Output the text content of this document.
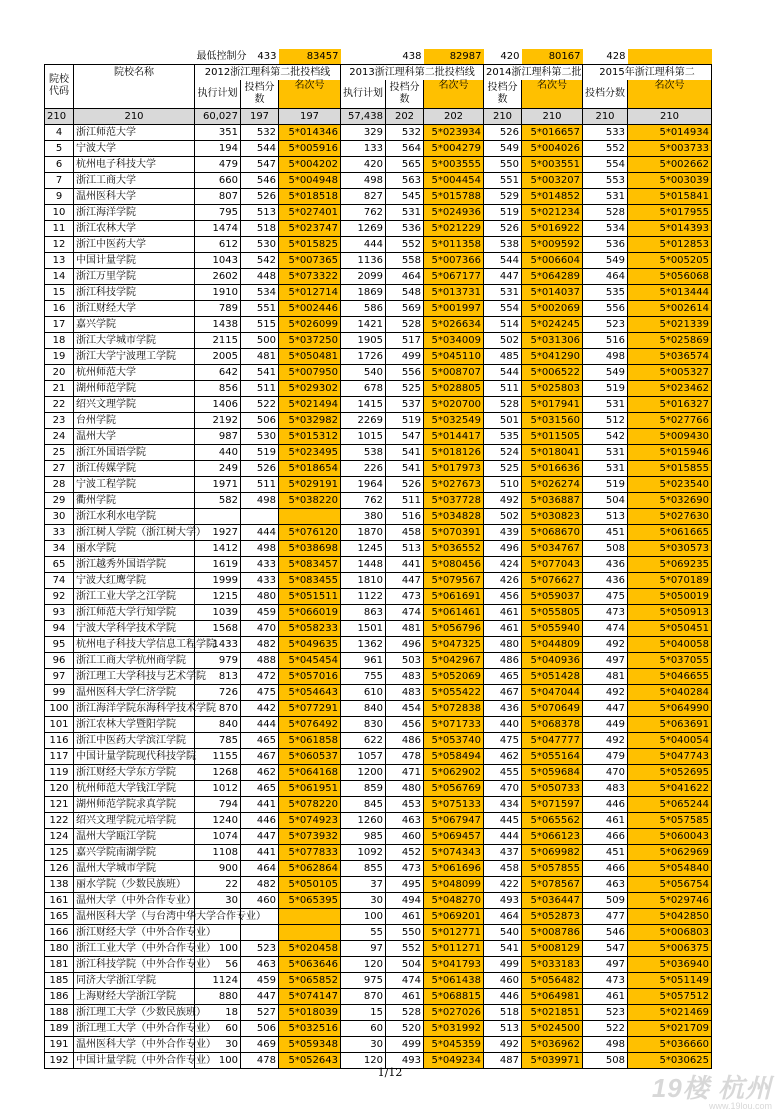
		最低控制分	433	83457		438	82987	420	80167	428	
院校代码	院校名称	2012浙江理科第二批投档线			2013浙江理科第二批投档线			2014浙江理科第二批		2015年浙江理科第二	
		执行计划	投档分数	名次号	执行计划	投档分数	名次号	投档分数	名次号	投档分数	名次号
210	210	60,027	197	197	57,438	202	202	210	210	210	210
4	浙江师范大学	351	532	5*014346	329	532	5*023934	526	5*016657	533	5*014934
5	宁波大学	194	544	5*005916	133	564	5*004279	549	5*004026	552	5*003733
6	杭州电子科技大学	479	547	5*004202	420	565	5*003555	550	5*003551	554	5*002662
7	浙江工商大学	660	546	5*004948	498	563	5*004454	551	5*003207	553	5*003039
9	温州医科大学	807	526	5*018518	827	545	5*015788	529	5*014852	531	5*015841
10	浙江海洋学院	795	513	5*027401	762	531	5*024936	519	5*021234	528	5*017955
11	浙江农林大学	1474	518	5*023747	1269	536	5*021229	526	5*016922	534	5*014393
12	浙江中医药大学	612	530	5*015825	444	552	5*011358	538	5*009592	536	5*012853
13	中国计量学院	1043	542	5*007365	1136	558	5*007366	544	5*006604	549	5*005205
14	浙江万里学院	2602	448	5*073322	2099	464	5*067177	447	5*064289	464	5*056068
15	浙江科技学院	1910	534	5*012714	1869	548	5*013731	531	5*014037	535	5*013444
16	浙江财经大学	789	551	5*002446	586	569	5*001997	554	5*002069	556	5*002614
17	嘉兴学院	1438	515	5*026099	1421	528	5*026634	514	5*024245	523	5*021339
18	浙江大学城市学院	2115	500	5*037250	1905	517	5*034009	502	5*031306	516	5*025869
19	浙江大学宁波理工学院	2005	481	5*050481	1726	499	5*045110	485	5*041290	498	5*036574
20	杭州师范大学	642	541	5*007950	540	556	5*008707	544	5*006522	549	5*005327
21	湖州师范学院	856	511	5*029302	678	525	5*028805	511	5*025803	519	5*023462
22	绍兴文理学院	1406	522	5*021494	1415	537	5*020700	528	5*017941	531	5*016327
23	台州学院	2192	506	5*032982	2269	519	5*032549	501	5*031560	512	5*027766
24	温州大学	987	530	5*015312	1015	547	5*014417	535	5*011505	542	5*009430
25	浙江外国语学院	440	519	5*023495	538	541	5*018126	524	5*018041	531	5*015946
27	浙江传媒学院	249	526	5*018654	226	541	5*017973	525	5*016636	531	5*015855
28	宁波工程学院	1971	511	5*029191	1964	526	5*027673	510	5*026274	519	5*023540
29	衢州学院	582	498	5*038220	762	511	5*037728	492	5*036887	504	5*032690
30	浙江水利水电学院				380	516	5*034828	502	5*030823	513	5*027630
33	浙江树人学院（浙江树大学）	1927	444	5*076120	1870	458	5*070391	439	5*068670	451	5*061665
34	丽水学院	1412	498	5*038698	1245	513	5*036552	496	5*034767	508	5*030573
65	浙江越秀外国语学院	1619	433	5*083457	1448	441	5*080456	424	5*077043	436	5*069235
74	宁波大红鹰学院	1999	433	5*083455	1810	447	5*079567	426	5*076627	436	5*070189
92	浙江工业大学之江学院	1215	480	5*051511	1122	473	5*061691	456	5*059037	475	5*050019
93	浙江师范大学行知学院	1039	459	5*066019	863	474	5*061461	461	5*055805	473	5*050913
94	宁波大学科学技术学院	1568	470	5*058233	1501	481	5*056796	461	5*055940	474	5*050451
95	杭州电子科技大学信息工程学院	1433	482	5*049635	1362	496	5*047325	480	5*044809	492	5*040058
96	浙江工商大学杭州商学院	979	488	5*045454	961	503	5*042967	486	5*040936	497	5*037055
97	浙江理工大学科技与艺术学院	813	472	5*057016	755	483	5*052069	465	5*051428	481	5*046655
99	温州医科大学仁济学院	726	475	5*054643	610	483	5*055422	467	5*047044	492	5*040284
100	浙江海洋学院东海科学技术学院	870	442	5*077291	840	454	5*072838	436	5*070649	447	5*064990
101	浙江农林大学暨阳学院	840	444	5*076492	830	456	5*071733	440	5*068378	449	5*063691
116	浙江中医药大学滨江学院	785	465	5*061858	622	486	5*053740	475	5*047777	492	5*040054
117	中国计量学院现代科技学院	1155	467	5*060537	1057	478	5*058494	462	5*055164	479	5*047743
119	浙江财经大学东方学院	1268	462	5*064168	1200	471	5*062902	455	5*059684	470	5*052695
120	杭州师范大学钱江学院	1012	465	5*061951	859	480	5*056769	470	5*050733	483	5*041622
121	湖州师范学院求真学院	794	441	5*078220	845	453	5*075133	434	5*071597	446	5*065244
122	绍兴文理学院元培学院	1240	446	5*074923	1260	463	5*067947	445	5*065562	461	5*057585
124	温州大学瓯江学院	1074	447	5*073932	985	460	5*069457	444	5*066123	466	5*060043
125	嘉兴学院南湖学院	1108	441	5*077833	1092	452	5*074343	437	5*069982	451	5*062969
126	温州大学城市学院	900	464	5*062864	855	473	5*061696	458	5*057855	466	5*054840
138	丽水学院（少数民族班）	22	482	5*050105	37	495	5*048099	422	5*078567	463	5*056754
161	温州大学（中外合作专业）	30	460	5*065395	30	494	5*048270	493	5*036447	509	5*029746
165	温州医科大学（与台湾中华大学合作专业）				100	461	5*069201	464	5*052873	477	5*042850
166	浙江财经大学（中外合作专业）				55	550	5*012771	540	5*008786	546	5*006803
180	浙江工业大学（中外合作专业）	100	523	5*020458	97	552	5*011271	541	5*008129	547	5*006375
181	浙江科技学院（中外合作专业）	56	463	5*063646	120	504	5*041793	499	5*033183	497	5*036940
185	同济大学浙江学院	1124	459	5*065852	975	474	5*061438	460	5*056482	473	5*051149
186	上海财经大学浙江学院	880	447	5*074147	870	461	5*068815	446	5*064981	461	5*057512
188	浙江理工大学（少数民族班）	18	527	5*018039	15	528	5*027026	518	5*021851	523	5*021469
189	浙江理工大学（中外合作专业）	60	506	5*032516	60	520	5*031992	513	5*024500	522	5*021709
191	温州医科大学（中外合作专业）	30	469	5*059348	30	499	5*045359	492	5*036962	498	5*036660
192	中国计量学院（中外合作专业）	100	478	5*052643	120	493	5*049234	487	5*039971	508	5*030625
1/12
19楼 杭州
www.19lou.com
